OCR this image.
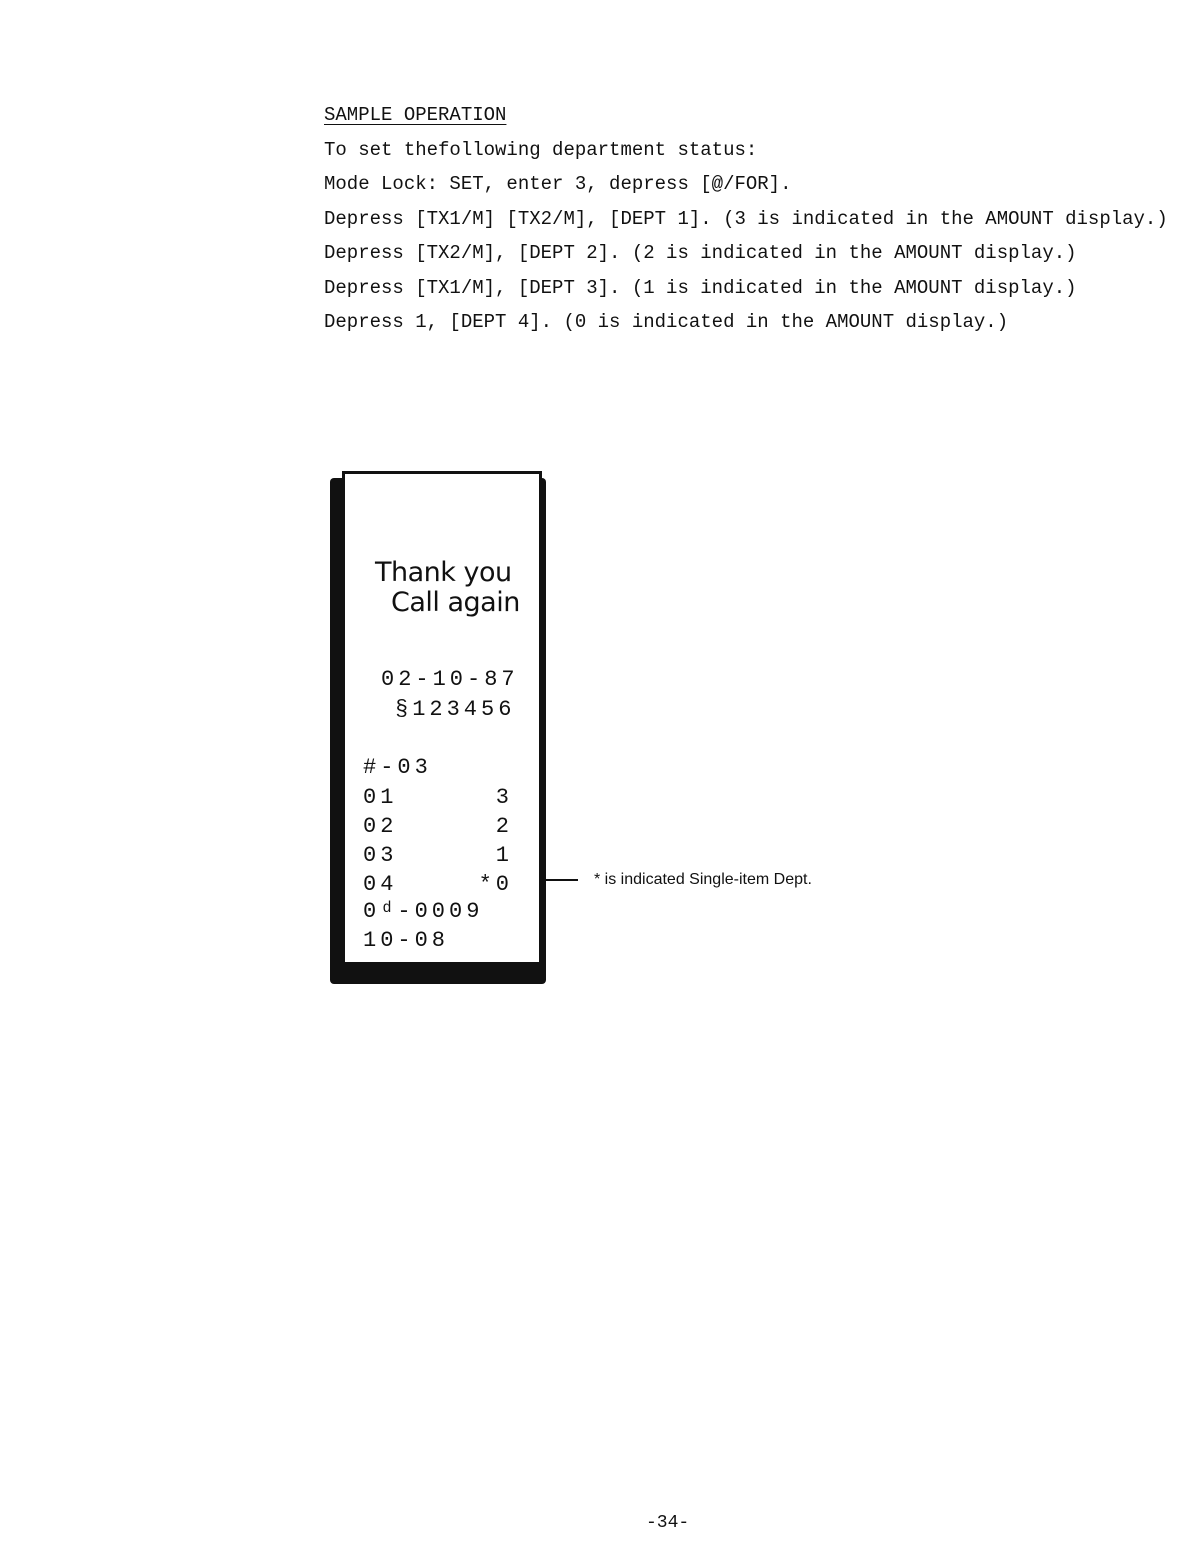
SAMPLE OPERATION
To set thefollowing department status:
Mode Lock: SET, enter 3, depress [@/FOR].
Depress [TX1/M] [TX2/M], [DEPT 1]. (3 is indicated in the AMOUNT display.)
Depress [TX2/M], [DEPT 2]. (2 is indicated in the AMOUNT display.)
Depress [TX1/M], [DEPT 3]. (1 is indicated in the AMOUNT display.)
Depress 1, [DEPT 4]. (0 is indicated in the AMOUNT display.)
Thank you
Call again
02-10-87
§123456
#-03
01	3
02	2
03	1
04	*0
0ᵈ-0009
10-08
* is indicated Single-item Dept.
-34-
